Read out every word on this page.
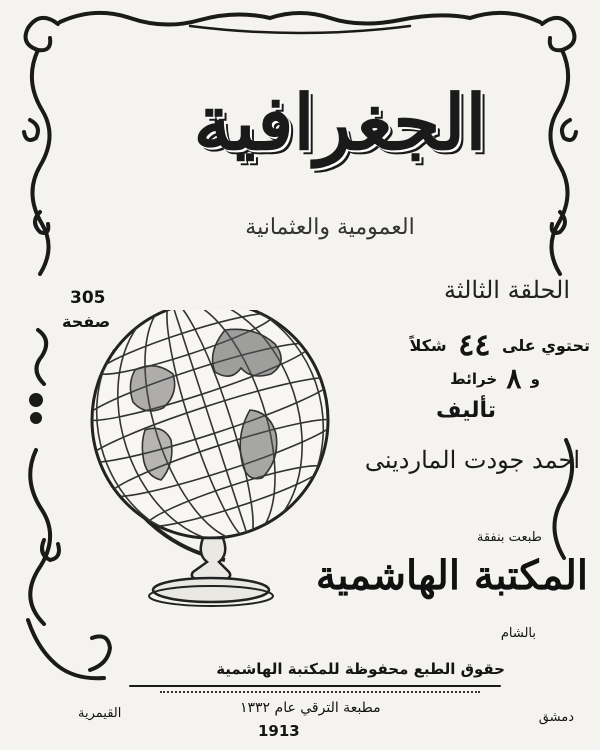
الجغرافية
العمومية والعثمانية
الحلقة الثالثة
305
صفحة
تحتوي على ٤٤ شكلاً
و ٨ خرائط
تأليف
احمد جودت الماردينى
طبعت بنفقة
المكتبة الهاشمية
بالشام
حقوق الطبع محفوظة للمكتبة الهاشمية
مطبعة الترقي عام ١٣٣٢
1913
القيمرية	دمشق
